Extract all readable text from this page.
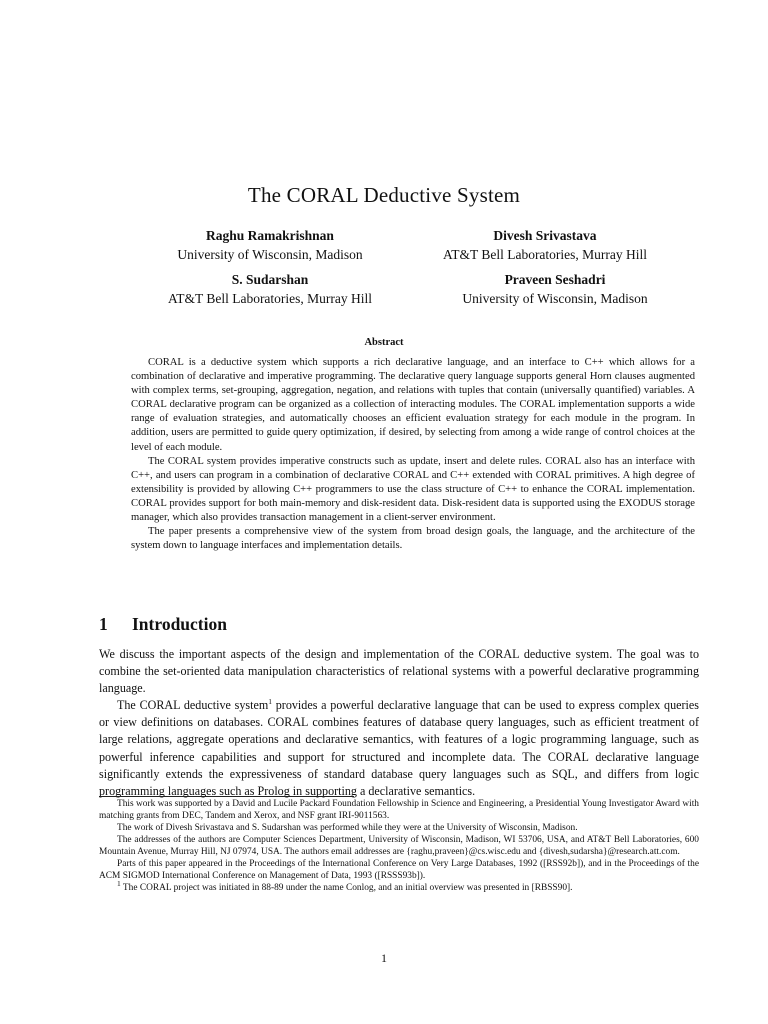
The CORAL Deductive System
Raghu Ramakrishnan
University of Wisconsin, Madison
Divesh Srivastava
AT&T Bell Laboratories, Murray Hill
S. Sudarshan
AT&T Bell Laboratories, Murray Hill
Praveen Seshadri
University of Wisconsin, Madison
Abstract

CORAL is a deductive system which supports a rich declarative language, and an interface to C++ which allows for a combination of declarative and imperative programming. The declarative query language supports general Horn clauses augmented with complex terms, set-grouping, aggregation, negation, and relations with tuples that contain (universally quantified) variables. A CORAL declarative program can be organized as a collection of interacting modules. The CORAL implementation supports a wide range of evaluation strategies, and automatically chooses an efficient evaluation strategy for each module in the program. In addition, users are permitted to guide query optimization, if desired, by selecting from among a wide range of control choices at the level of each module.

The CORAL system provides imperative constructs such as update, insert and delete rules. CORAL also has an interface with C++, and users can program in a combination of declarative CORAL and C++ extended with CORAL primitives. A high degree of extensibility is provided by allowing C++ programmers to use the class structure of C++ to enhance the CORAL implementation. CORAL provides support for both main-memory and disk-resident data. Disk-resident data is supported using the EXODUS storage manager, which also provides transaction management in a client-server environment.

The paper presents a comprehensive view of the system from broad design goals, the language, and the architecture of the system down to language interfaces and implementation details.

1 Introduction

We discuss the important aspects of the design and implementation of the CORAL deductive system. The goal was to combine the set-oriented data manipulation characteristics of relational systems with a powerful declarative programming language.

The CORAL deductive system$^1$ provides a powerful declarative language that can be used to express complex queries or view definitions on databases. CORAL combines features of database query languages, such as efficient treatment of large relations, aggregate operations and declarative semantics, with features of a logic programming language, such as powerful inference capabilities and support for structured and incomplete data. The CORAL declarative language significantly extends the expressiveness of standard database query languages such as SQL, and differs from logic programming languages such as Prolog in supporting a declarative semantics.

This work was supported by a David and Lucile Packard Foundation Fellowship in Science and Engineering, a Presidential Young Investigator Award with matching grants from DEC, Tandem and Xerox, and NSF grant IRI-9011563.

The work of Divesh Srivastava and S. Sudarshan was performed while they were at the University of Wisconsin, Madison.

The addresses of the authors are Computer Sciences Department, University of Wisconsin, Madison, WI 53706, USA, and AT&T Bell Laboratories, 600 Mountain Avenue, Murray Hill, NJ 07974, USA. The authors email addresses are {raghu,praveen}@cs.wisc.edu and {divesh,sudarsha}@research.att.com.

Parts of this paper appeared in the Proceedings of the International Conference on Very Large Databases, 1992 ([RSS92b]), and in the Proceedings of the ACM SIGMOD International Conference on Management of Data, 1993 ([RSSS93b]).

$^1$ The CORAL project was initiated in 88-89 under the name Conlog, and an initial overview was presented in [RBSS90].

1
